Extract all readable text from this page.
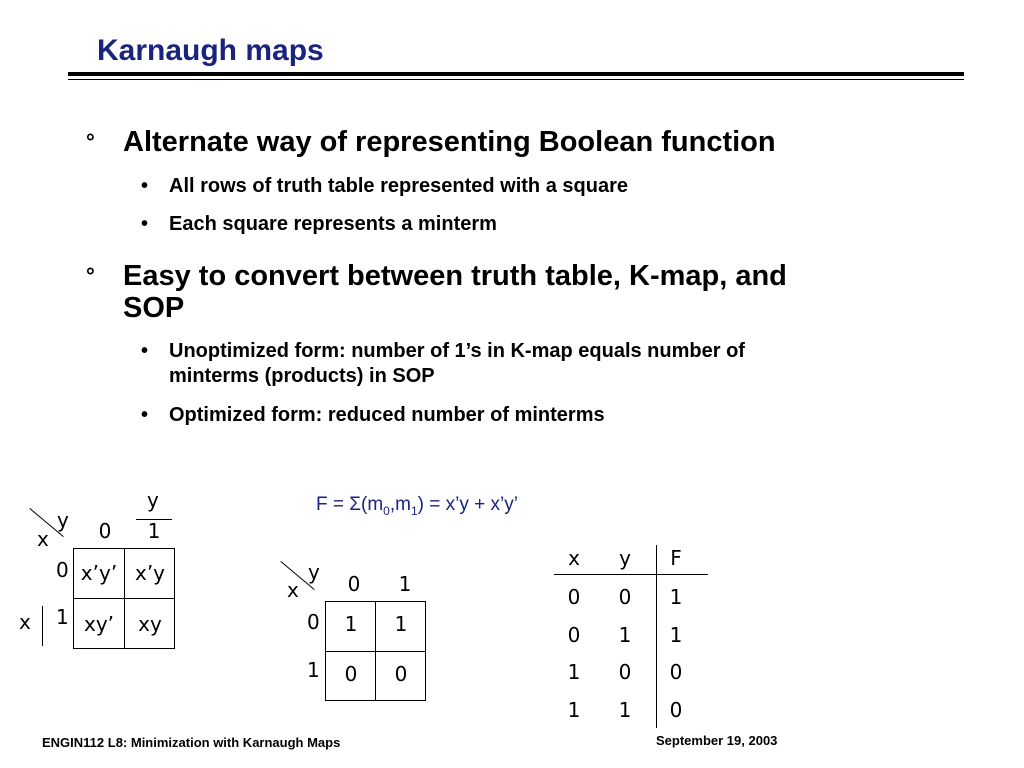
Karnaugh maps
° Alternate way of representing Boolean function
• All rows of truth table represented with a square
• Each square represents a minterm
° Easy to convert between truth table, K-map, and
SOP
• Unoptimized form: number of 1’s in K-map equals number of
minterms (products) in SOP
• Optimized form: reduced number of minterms
y
y
x 0 1
0
1
x
x’y’ x’y
xy’	xy
$F = \Sigma(m_0,m_1)$ = x’y + x’y’
y
x 0 1
0
1
1	1
0	0
x	y	F
0 0 1
0 1 1
1 0 0
1 1 0
ENGIN112 L8: Minimization with Karnaugh Maps	September 19, 2003
